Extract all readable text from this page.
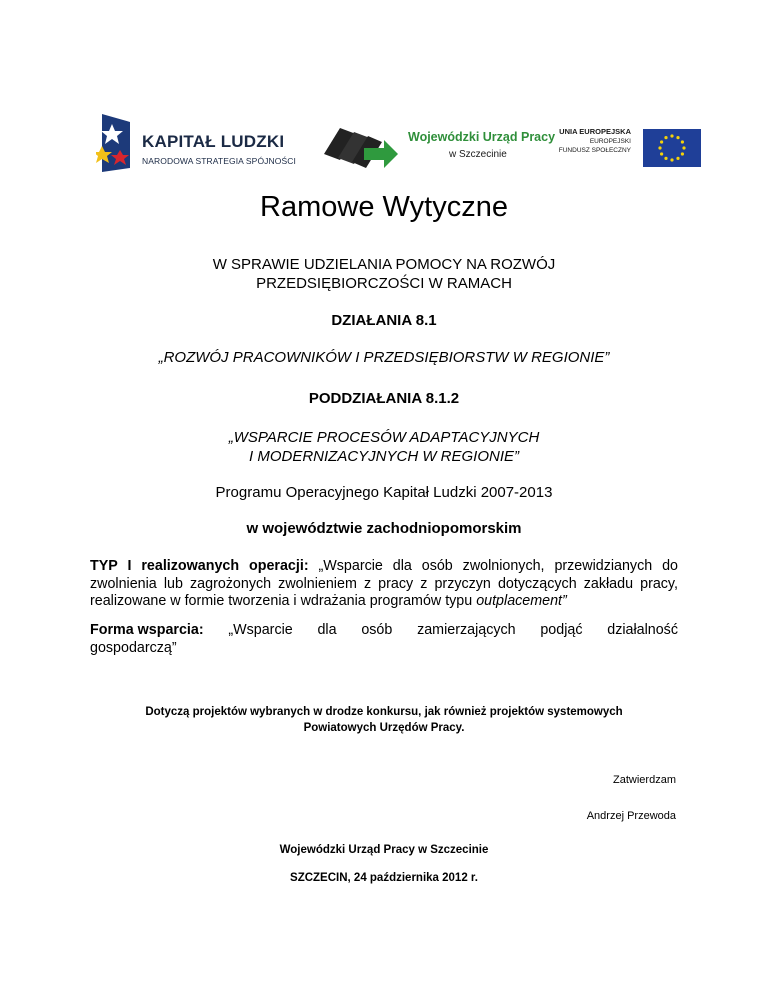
KAPITAŁ LUDZKI
NARODOWA STRATEGIA SPÓJNOŚCI
Wojewódzki Urząd Pracy
w Szczecinie
UNIA EUROPEJSKA
EUROPEJSKI
FUNDUSZ SPOŁECZNY
Ramowe Wytyczne
W SPRAWIE UDZIELANIA POMOCY NA ROZWÓJ
PRZEDSIĘBIORCZOŚCI W RAMACH
DZIAŁANIA 8.1
„ROZWÓJ PRACOWNIKÓW I PRZEDSIĘBIORSTW W REGIONIE”
PODDZIAŁANIA 8.1.2
„WSPARCIE PROCESÓW ADAPTACYJNYCH
I MODERNIZACYJNYCH W REGIONIE”
Programu Operacyjnego Kapitał Ludzki 2007-2013
w województwie zachodniopomorskim
TYP I realizowanych operacji: „Wsparcie dla osób zwolnionych, przewidzianych do zwolnienia lub zagrożonych zwolnieniem z pracy z przyczyn dotyczących zakładu pracy, realizowane w formie tworzenia i wdrażania programów typu outplacement”
Forma wsparcia: „Wsparcie dla osób zamierzających podjąć działalność
gospodarczą”
Dotyczą projektów wybranych w drodze konkursu, jak również projektów systemowych
Powiatowych Urzędów Pracy.
Zatwierdzam
Andrzej Przewoda
Wojewódzki Urząd Pracy w Szczecinie
SZCZECIN, 24 października 2012 r.
